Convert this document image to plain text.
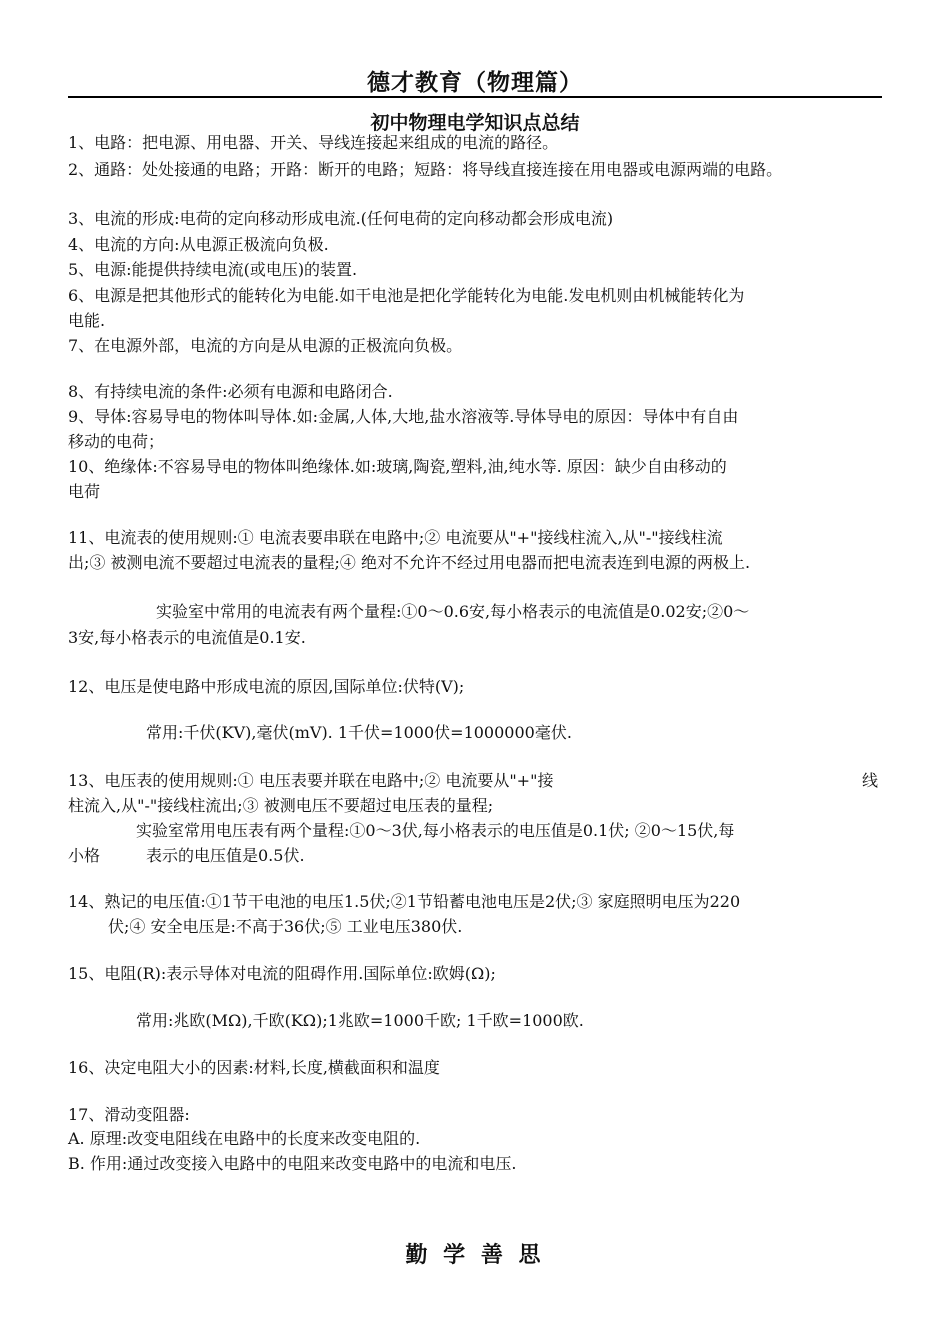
德才教育（物理篇）
初中物理电学知识点总结
1、电路：把电源、用电器、开关、导线连接起来组成的电流的路径。
2、通路：处处接通的电路；开路：断开的电路；短路：将导线直接连接在用电器或电源两端的电路。
3、电流的形成:电荷的定向移动形成电流.(任何电荷的定向移动都会形成电流)
4、电流的方向:从电源正极流向负极.
5、电源:能提供持续电流(或电压)的装置.
6、电源是把其他形式的能转化为电能.如干电池是把化学能转化为电能.发电机则由机械能转化为
电能.
7、在电源外部，电流的方向是从电源的正极流向负极。
8、有持续电流的条件:必须有电源和电路闭合.
9、导体:容易导电的物体叫导体.如:金属,人体,大地,盐水溶液等.导体导电的原因：导体中有自由
移动的电荷；
10、绝缘体:不容易导电的物体叫绝缘体.如:玻璃,陶瓷,塑料,油,纯水等. 原因：缺少自由移动的
电荷
11、电流表的使用规则:① 电流表要串联在电路中;② 电流要从"+"接线柱流入,从"-"接线柱流
出;③ 被测电流不要超过电流表的量程;④ 绝对不允许不经过用电器而把电流表连到电源的两极上.
实验室中常用的电流表有两个量程:①0～0.6安,每小格表示的电流值是0.02安;②0～
3安,每小格表示的电流值是0.1安.
12、电压是使电路中形成电流的原因,国际单位:伏特(V);
常用:千伏(KV),毫伏(mV). 1千伏=1000伏=1000000毫伏.
13、电压表的使用规则:① 电压表要并联在电路中;② 电流要从"+"接	线
柱流入,从"-"接线柱流出;③ 被测电压不要超过电压表的量程;
实验室常用电压表有两个量程:①0～3伏,每小格表示的电压值是0.1伏; ②0～15伏,每
小格	表示的电压值是0.5伏.
14、熟记的电压值:①1节干电池的电压1.5伏;②1节铅蓄电池电压是2伏;③ 家庭照明电压为220
伏;④ 安全电压是:不高于36伏;⑤ 工业电压380伏.
15、电阻(R):表示导体对电流的阻碍作用.国际单位:欧姆(Ω);
常用:兆欧(MΩ),千欧(KΩ);1兆欧=1000千欧; 1千欧=1000欧.
16、决定电阻大小的因素:材料,长度,横截面积和温度
17、滑动变阻器:
A. 原理:改变电阻线在电路中的长度来改变电阻的.
B. 作用:通过改变接入电路中的电阻来改变电路中的电流和电压.
勤 学 善 思
